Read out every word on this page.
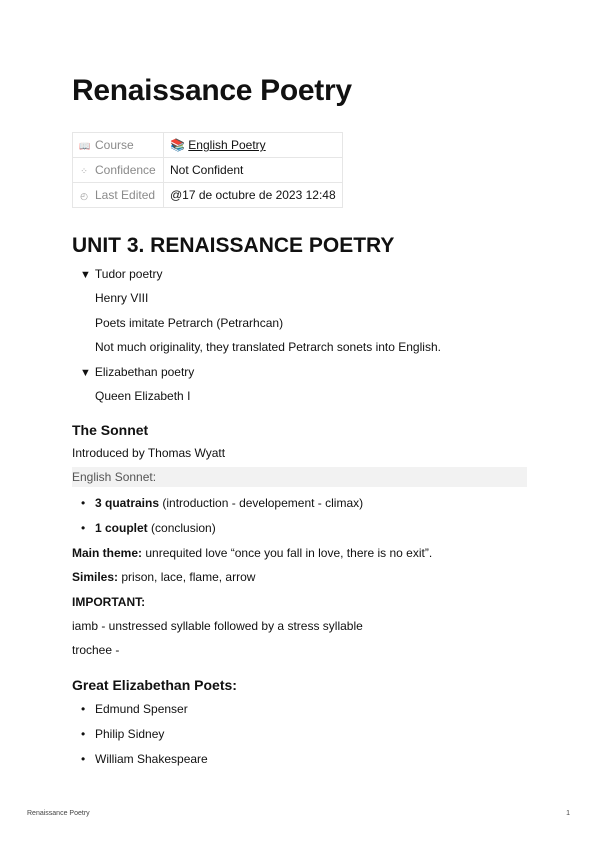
Renaissance Poetry
📖 Course	📚 English Poetry
⁘ Confidence	Not Confident
◴ Last Edited	@17 de octubre de 2023 12:48
UNIT 3. RENAISSANCE POETRY
▼ Tudor poetry
Henry VIII
Poets imitate Petrarch (Petrarhcan)
Not much originality, they translated Petrarch sonets into English.
▼ Elizabethan poetry
Queen Elizabeth I
The Sonnet
Introduced by Thomas Wyatt
English Sonnet:
• 3 quatrains (introduction - developement - climax)
• 1 couplet (conclusion)
Main theme: unrequited love “once you fall in love, there is no exit”.
Similes: prison, lace, flame, arrow
IMPORTANT:
iamb - unstressed syllable followed by a stress syllable
trochee -
Great Elizabethan Poets:
• Edmund Spenser
• Philip Sidney
• William Shakespeare
Renaissance Poetry	1
